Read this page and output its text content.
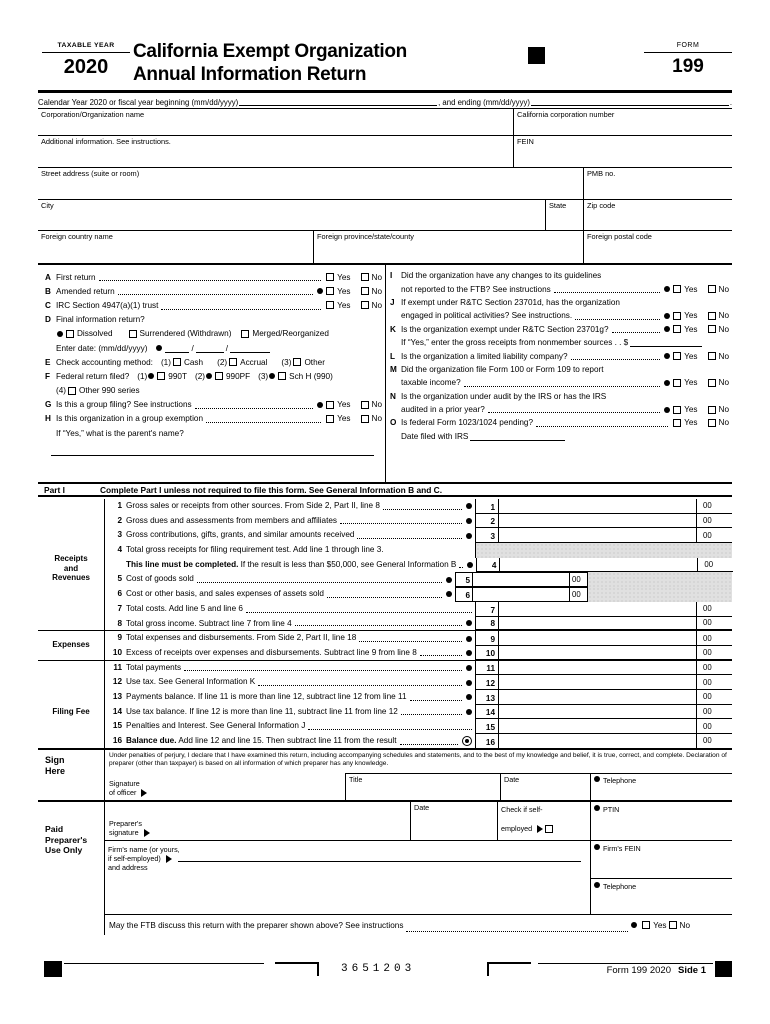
TAXABLE YEAR
2020
California Exempt Organization
Annual Information Return
FORM
199
Calendar Year 2020 or fiscal year beginning (mm/dd/yyyy)	, and ending (mm/dd/yyyy)	.
Corporation/Organization name	California corporation number
Additional information. See instructions.	FEIN
Street address (suite or room)	PMB no.
City	State	Zip code
Foreign country name	Foreign province/state/county	Foreign postal code
A First return	Yes	No
B Amended return	Yes	No
C IRC Section 4947(a)(1) trust	Yes	No
D Final information return?
Dissolved	Surrendered (Withdrawn)	Merged/Reorganized
Enter date: (mm/dd/yyyy)	/	/
E Check accounting method: (1) Cash (2) Accrual (3) Other
F Federal return filed? (1)	990T (2)	990PF (3)	Sch H (990)
(4) Other 990 series
G Is this a group filing? See instructions	Yes	No
H Is this organization in a group exemption	Yes	No
If “Yes,” what is the parent's name?
I	Did the organization have any changes to its guidelines
not reported to the FTB? See instructions	Yes	No
J If exempt under R&TC Section 23701d, has the organization
engaged in political activities? See instructions.	Yes	No
K Is the organization exempt under R&TC Section 23701g?	Yes	No
If “Yes,” enter the gross receipts from nonmember sources . . $
L Is the organization a limited liability company?	Yes	No
M Did the organization file Form 100 or Form 109 to report
taxable income?	Yes	No
N Is the organization under audit by the IRS or has the IRS
audited in a prior year?	Yes	No
O Is federal Form 1023/1024 pending?	Yes	No
Date filed with IRS
Part I	Complete Part I unless not required to file this form. See General Information B and C.
1 Gross sales or receipts from other sources. From Side 2, Part II, line 8	1	00
2 Gross dues and assessments from members and affiliates	2	00
3 Gross contributions, gifts, grants, and similar amounts received	3	00
4 Total gross receipts for filing requirement test. Add line 1 through line 3.
This line must be completed. If the result is less than $50,000, see General Information B	4	00
5 Cost of goods sold	5	00
6 Cost or other basis, and sales expenses of assets sold	6	00
7 Total costs. Add line 5 and line 6	7	00
8 Total gross income. Subtract line 7 from line 4	8	00
9 Total expenses and disbursements. From Side 2, Part II, line 18	9	00
10 Excess of receipts over expenses and disbursements. Subtract line 9 from line 8	10	00
11 Total payments	11	00
12 Use tax. See General Information K	12	00
13 Payments balance. If line 11 is more than line 12, subtract line 12 from line 11	13	00
14 Use tax balance. If line 12 is more than line 11, subtract line 11 from line 12	14	00
15 Penalties and Interest. See General Information J	15	00
16 Balance due. Add line 12 and line 15. Then subtract line 11 from the result	16	00
Receipts
and
Revenues
Expenses
Filing Fee
Sign
Here
Under penalties of perjury, I declare that I have examined this return, including accompanying schedules and statements, and to the best of my knowledge and belief, it is true, correct, and complete. Declaration of preparer (other than taxpayer) is based on all information of which preparer has any knowledge.
Signature
of officer
Title	Date	Telephone
Paid
Preparer's
Use Only
Preparer's
signature
Date	Check if self-
employed
PTIN
Firm's name (or yours,
if self-employed)
and address
Firm's FEIN
Telephone
May the FTB discuss this return with the preparer shown above? See instructions	Yes No
3651203	Form 199 2020 Side 1
